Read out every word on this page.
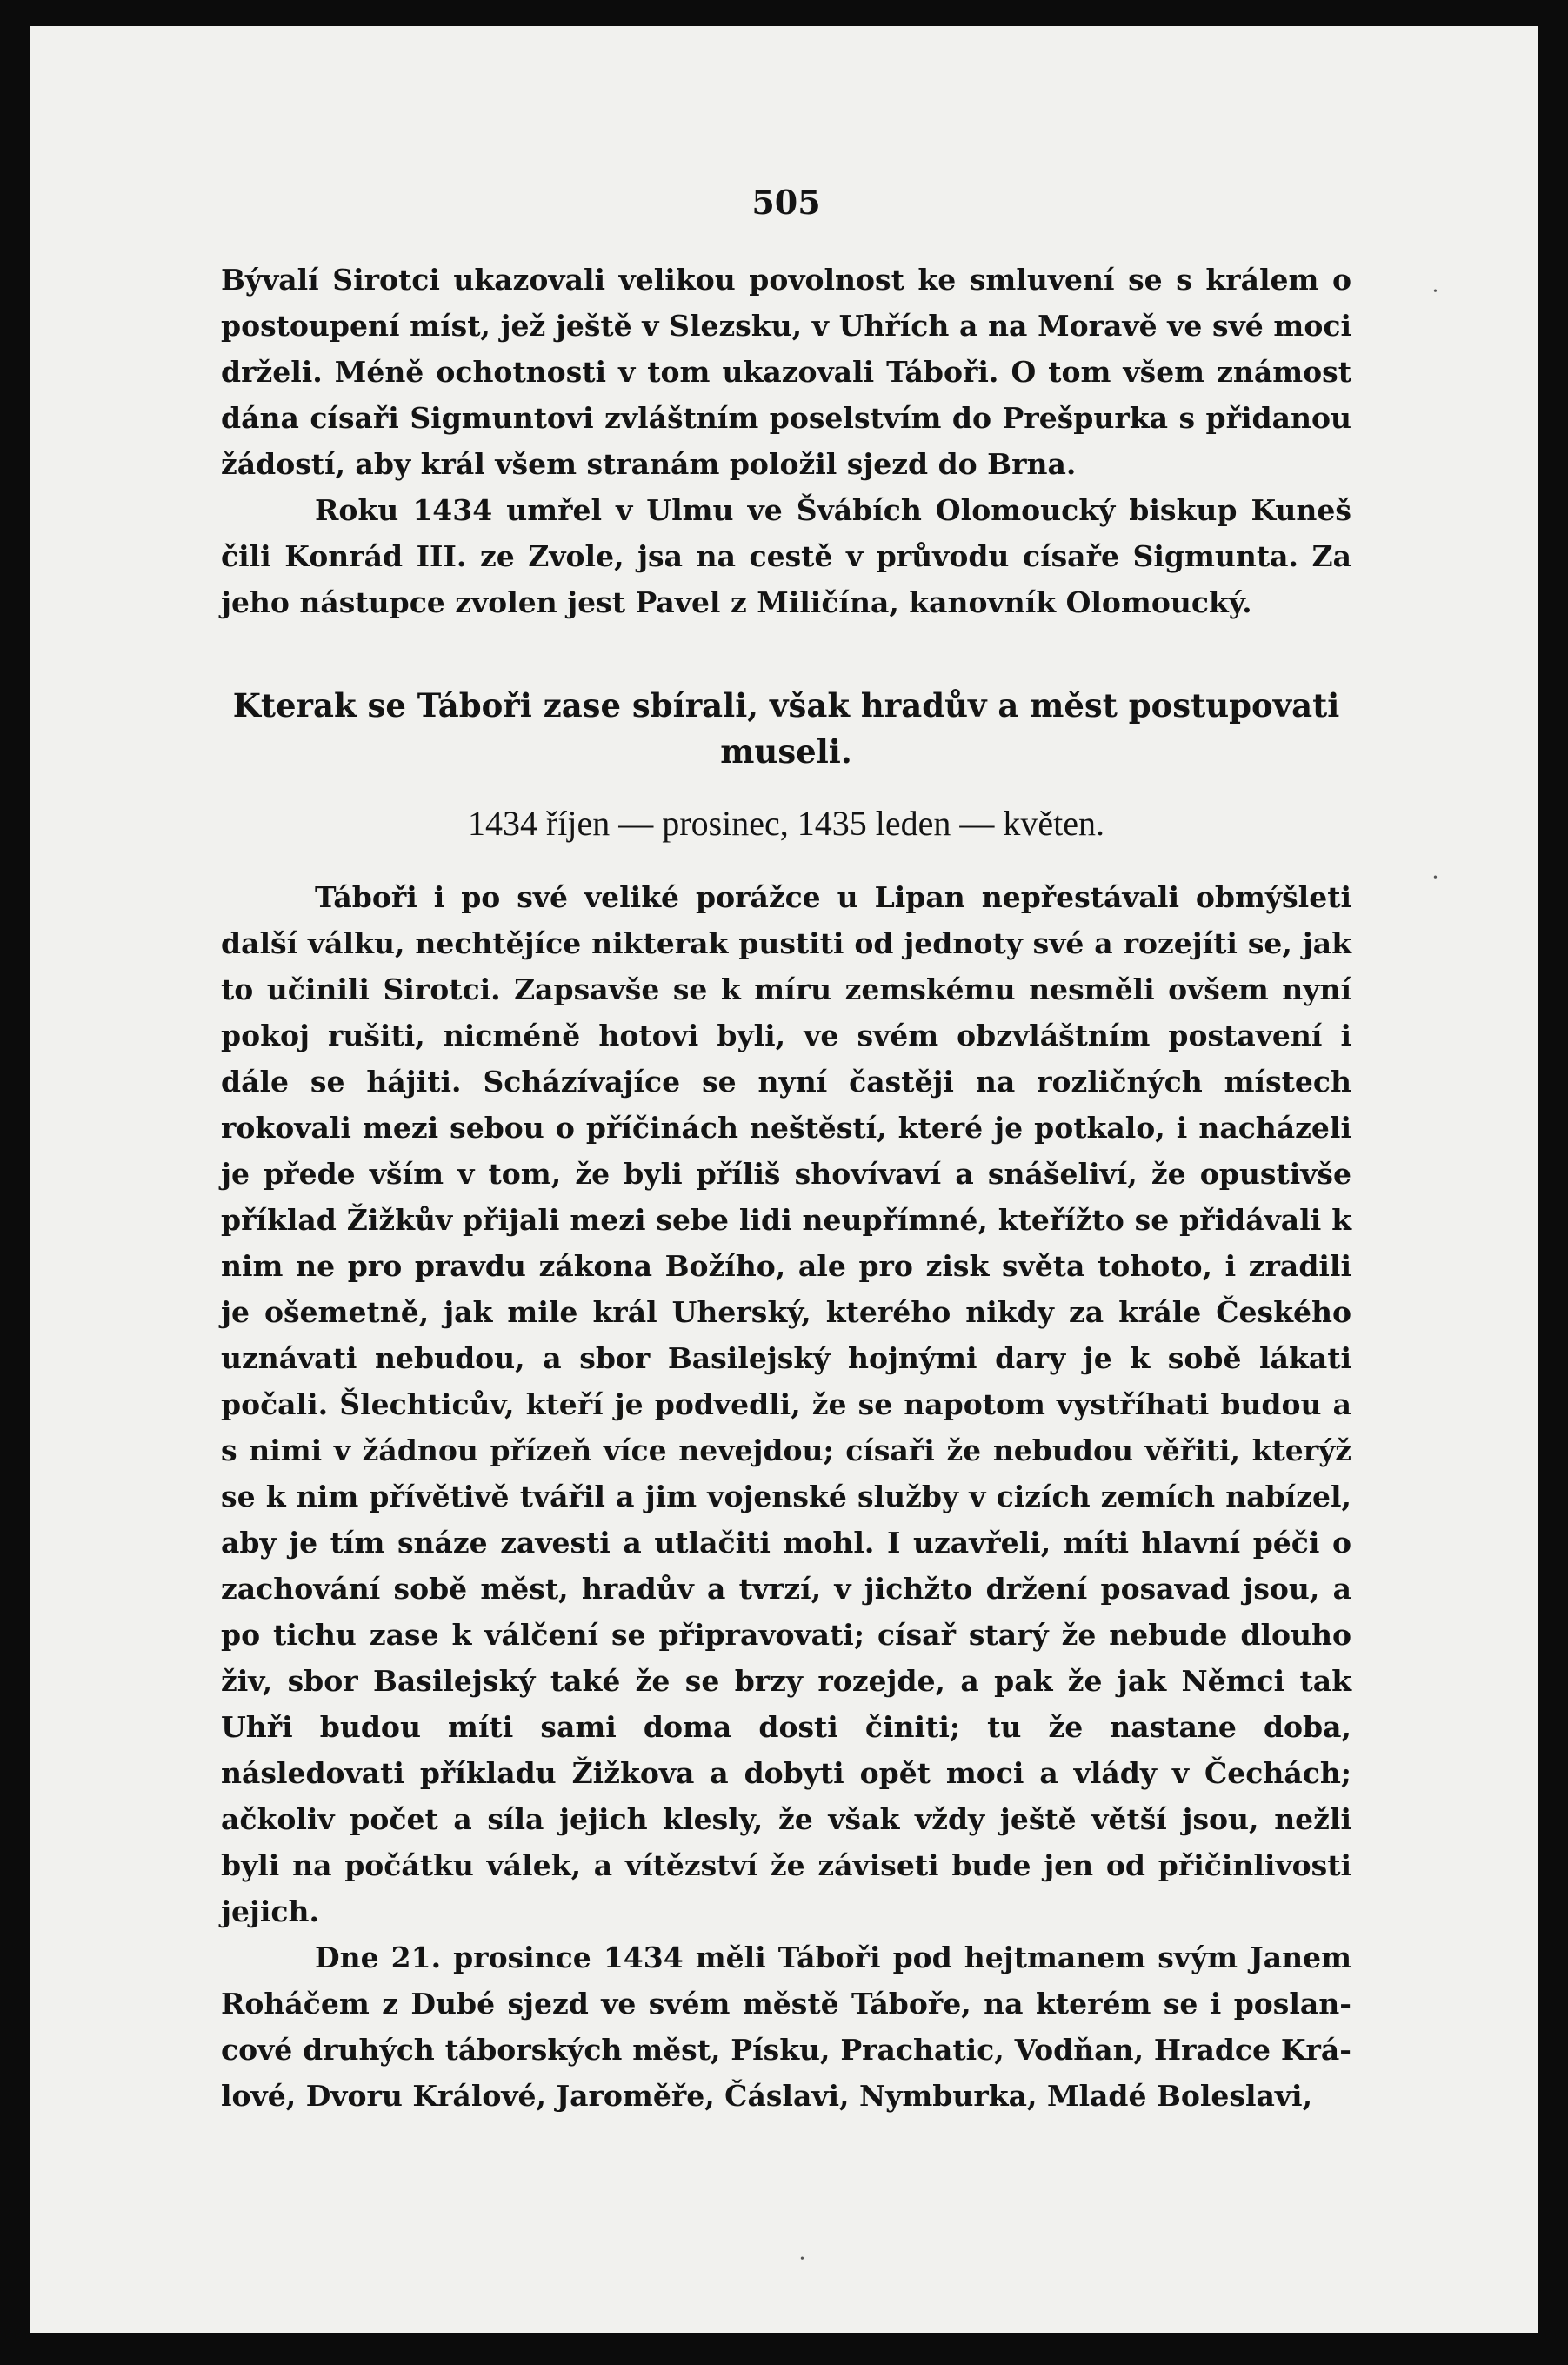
505

Bývalí Sirotci ukazovali velikou povolnost ke smluvení se s králem o postoupení míst, jež ještě v Slezsku, v Uhřích a na Moravě ve své moci drželi. Méně ochotnosti v tom ukazovali Táboři. O tom všem známost dána císaři Sigmuntovi zvláštním poselstvím do Prešpurka s přidanou žádostí, aby král všem stranám položil sjezd do Brna.

Roku 1434 umřel v Ulmu ve Švábích Olomoucký biskup Kuneš čili Konrád III. ze Zvole, jsa na cestě v průvodu císaře Sigmunta. Za jeho nástupce zvolen jest Pavel z Miličína, kanovník Olomoucký.

Kterak se Táboři zase sbírali, však hradův a měst postupovati museli.
1434 říjen — prosinec, 1435 leden — květen.

Táboři i po své veliké porážce u Lipan nepřestávali obmýšleti další válku, nechtějíce nikterak pustiti od jednoty své a rozejíti se, jak to učinili Sirotci. Zapsavše se k míru zemskému nesměli ovšem nyní pokoj rušiti, nicméně hotovi byli, ve svém obzvláštním postavení i dále se hájiti. Scházívajíce se nyní častěji na rozličných místech rokovali mezi sebou o příčinách neštěstí, které je potkalo, i nacházeli je přede vším v tom, že byli příliš shovívaví a snášeliví, že opustivše příklad Žižkův přijali mezi sebe lidi neupřímné, kteřížto se přidávali k nim ne pro pravdu zákona Božího, ale pro zisk světa tohoto, i zradili je ošemetně, jak mile král Uherský, kterého nikdy za krále Českého uznávati nebudou, a sbor Basilejský hojnými dary je k sobě lákati počali. Šlechticův, kteří je podvedli, že se napotom vystříhati budou a s nimi v žádnou přízeň více nevejdou; císaři že nebudou věřiti, kterýž se k nim přívětivě tvářil a jim vojenské služby v cizích zemích nabízel, aby je tím snáze zavesti a utlačiti mohl. I uzavřeli, míti hlavní péči o zachování sobě měst, hradův a tvrzí, v jichžto držení posavad jsou, a po tichu zase k válčení se připravovati; císař starý že nebude dlouho živ, sbor Basilejský také že se brzy rozejde, a pak že jak Němci tak Uhři budou míti sami doma dosti činiti; tu že nastane doba, následovati příkladu Žižkova a dobyti opět moci a vlády v Čechách; ačkoliv počet a síla jejich klesly, že však vždy ještě větší jsou, nežli byli na počátku válek, a vítězství že záviseti bude jen od přičinlivosti jejich.

Dne 21. prosince 1434 měli Táboři pod hejtmanem svým Janem Roháčem z Dubé sjezd ve svém městě Táboře, na kterém se i poslancové druhých táborských měst, Písku, Prachatic, Vodňan, Hradce Králové, Dvoru Králové, Jaroměře, Čáslavi, Nymburka, Mladé Boleslavi,

•
•
•
